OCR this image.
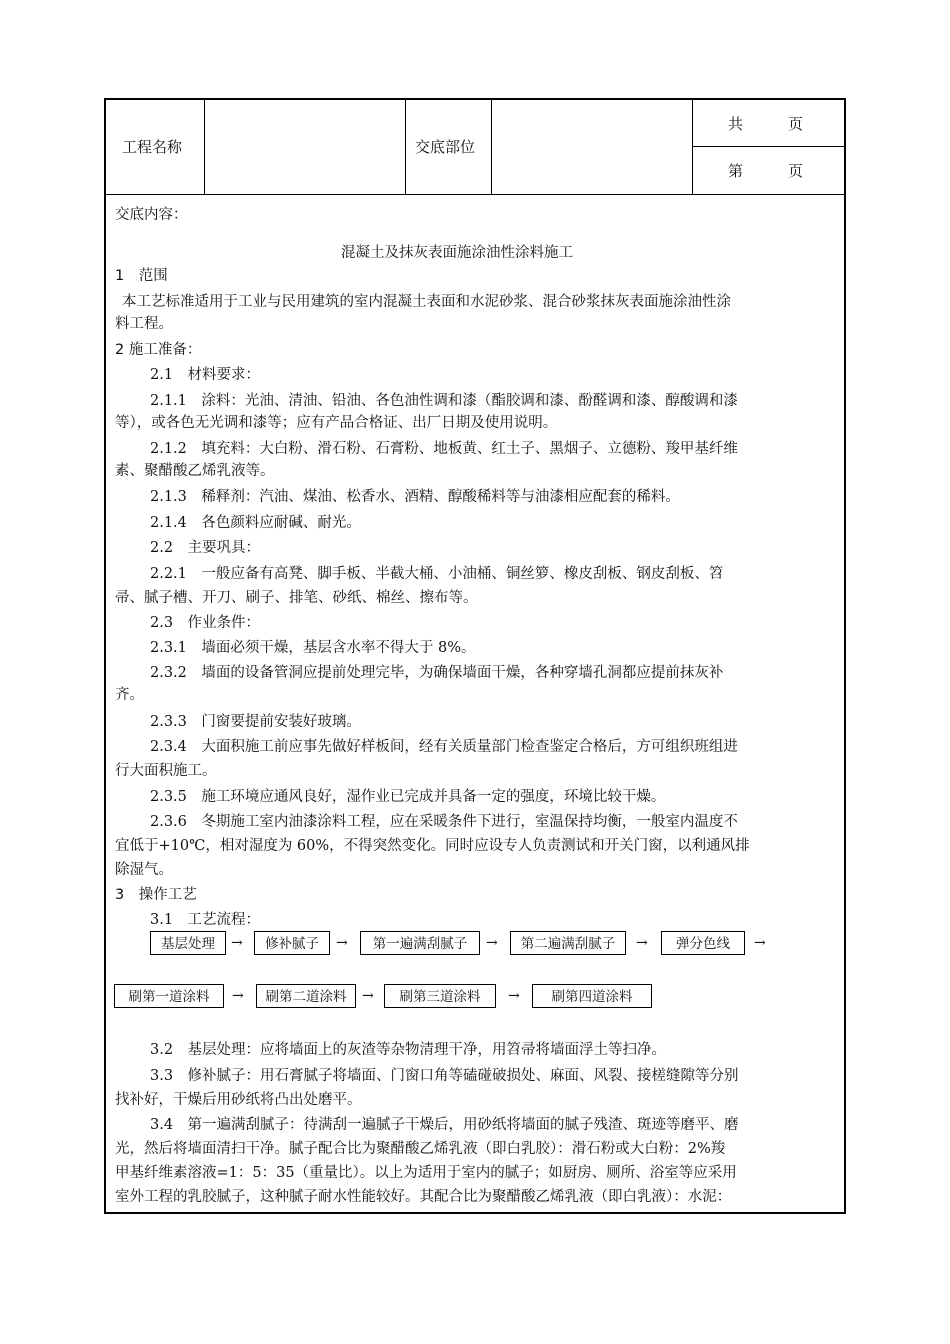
工程名称	交底部位
共　　　页
第　　　页
交底内容：
混凝土及抹灰表面施涂油性涂料施工
1　范围
本工艺标准适用于工业与民用建筑的室内混凝土表面和水泥砂浆、混合砂浆抹灰表面施涂油性涂
料工程。
2 施工准备：
2.1　材料要求：
2.1.1　涂料：光油、清油、铅油、各色油性调和漆（酯胶调和漆、酚醛调和漆、醇酸调和漆
等），或各色无光调和漆等；应有产品合格证、出厂日期及使用说明。
2.1.2　填充料：大白粉、滑石粉、石膏粉、地板黄、红土子、黑烟子、立德粉、羧甲基纤维
素、聚醋酸乙烯乳液等。
2.1.3　稀释剂：汽油、煤油、松香水、酒精、醇酸稀料等与油漆相应配套的稀料。
2.1.4　各色颜料应耐碱、耐光。
2.2　主要巩具：
2.2.1　一般应备有高凳、脚手板、半截大桶、小油桶、铜丝箩、橡皮刮板、钢皮刮板、笤
帚、腻子槽、开刀、刷子、排笔、砂纸、棉丝、擦布等。
2.3　作业条件：
2.3.1　墙面必须干燥，基层含水率不得大于 8%。
2.3.2　墙面的设备管洞应提前处理完毕，为确保墙面干燥，各种穿墙孔洞都应提前抹灰补
齐。
2.3.3　门窗要提前安装好玻璃。
2.3.4　大面积施工前应事先做好样板间，经有关质量部门检查鉴定合格后，方可组织班组进
行大面积施工。
2.3.5　施工环境应通风良好，湿作业已完成并具备一定的强度，环境比较干燥。
2.3.6　冬期施工室内油漆涂料工程，应在采暖条件下进行，室温保持均衡，一般室内温度不
宜低于+10℃，相对湿度为 60%，不得突然变化。同时应设专人负责测试和开关门窗，以利通风排
除湿气。
3　操作工艺
3.1　工艺流程：
基层处理	→	修补腻子	→	第一遍满刮腻子	→	第二遍满刮腻子	→	弹分色线	→
刷第一道涂料	→	刷第二道涂料	→	刷第三道涂料	→	刷第四道涂料
3.2　基层处理：应将墙面上的灰渣等杂物清理干净，用笤帚将墙面浮土等扫净。
3.3　修补腻子：用石膏腻子将墙面、门窗口角等磕碰破损处、麻面、风裂、接槎缝隙等分别
找补好，干燥后用砂纸将凸出处磨平。
3.4　第一遍满刮腻子：待满刮一遍腻子干燥后，用砂纸将墙面的腻子残渣、斑迹等磨平、磨
光，然后将墙面清扫干净。腻子配合比为聚醋酸乙烯乳液（即白乳胶）：滑石粉或大白粉：2%羧
甲基纤维素溶液=1：5：35（重量比）。以上为适用于室内的腻子；如厨房、厕所、浴室等应采用
室外工程的乳胶腻子，这种腻子耐水性能较好。其配合比为聚醋酸乙烯乳液（即白乳液）：水泥：
